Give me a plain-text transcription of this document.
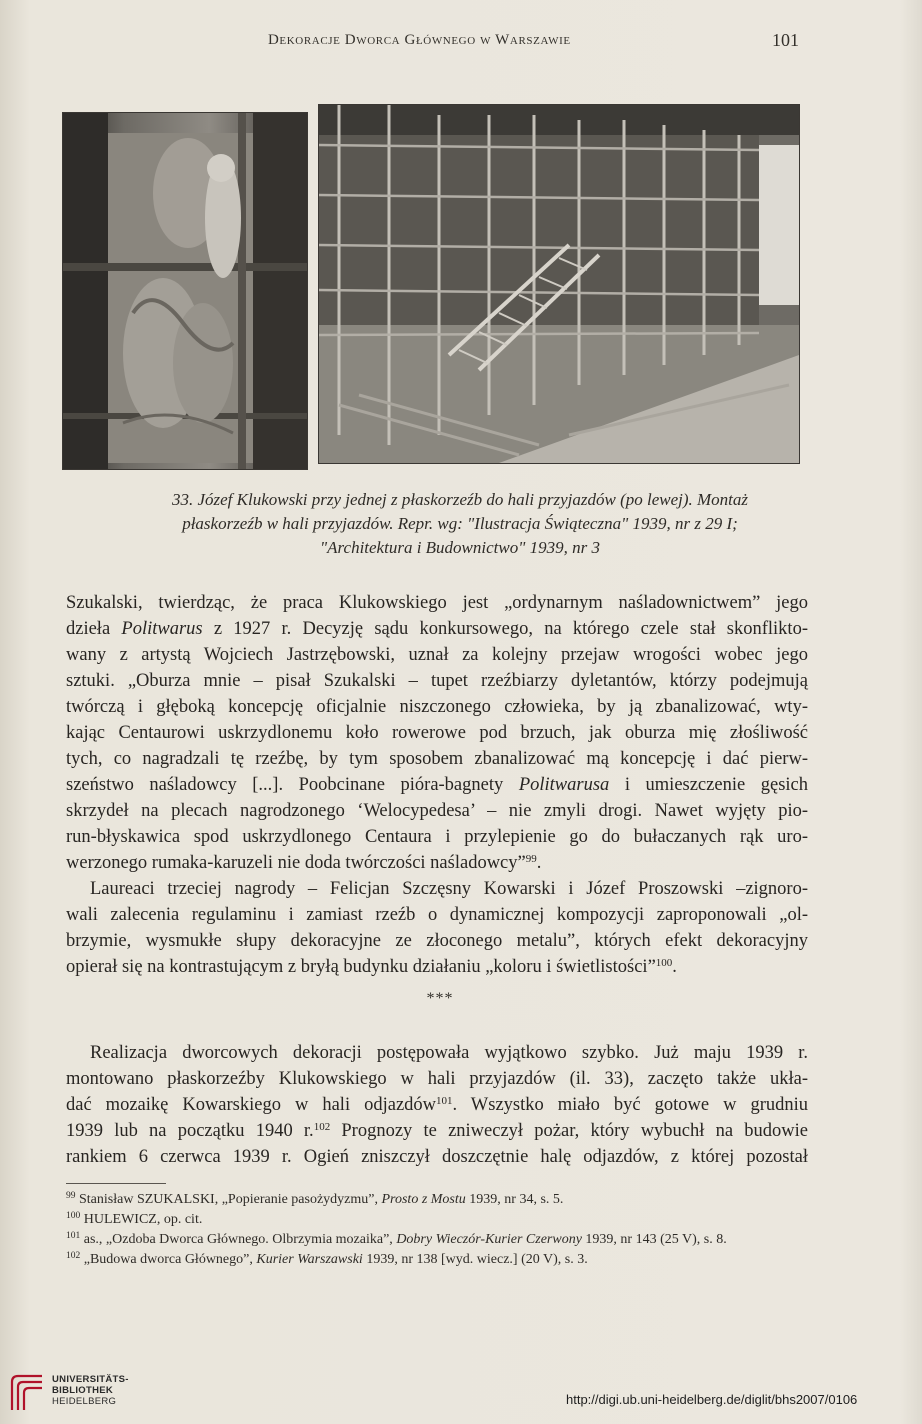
Dekoracje Dworca Głównego w Warszawie	101
33. Józef Klukowski przy jednej z płaskorzeźb do hali przyjazdów (po lewej). Montaż
płaskorzeźb w hali przyjazdów. Repr. wg: "Ilustracja Świąteczna" 1939, nr z 29 I;
"Architektura i Budownictwo" 1939, nr 3
Szukalski, twierdząc, że praca Klukowskiego jest „ordynarnym naśladownictwem” jego
dzieła Politwarus z 1927 r. Decyzję sądu konkursowego, na którego czele stał skonflikto-
wany z artystą Wojciech Jastrzębowski, uznał za kolejny przejaw wrogości wobec jego
sztuki. „Oburza mnie – pisał Szukalski – tupet rzeźbiarzy dyletantów, którzy podejmują
twórczą i głęboką koncepcję oficjalnie niszczonego człowieka, by ją zbanalizować, wty-
kając Centaurowi uskrzydlonemu koło rowerowe pod brzuch, jak oburza mię złośliwość
tych, co nagradzali tę rzeźbę, by tym sposobem zbanalizować mą koncepcję i dać pierw-
szeństwo naśladowcy [...]. Poobcinane pióra-bagnety Politwarusa i umieszczenie gęsich
skrzydeł na plecach nagrodzonego ‘Welocypedesa’ – nie zmyli drogi. Nawet wyjęty pio-
run-błyskawica spod uskrzydlonego Centaura i przylepienie go do bułaczanych rąk uro-
werzonego rumaka-karuzeli nie doda twórczości naśladowcy”$^{99}$.
Laureaci trzeciej nagrody – Felicjan Szczęsny Kowarski i Józef Proszowski –zignoro-
wali zalecenia regulaminu i zamiast rzeźb o dynamicznej kompozycji zaproponowali „ol-
brzymie, wysmukłe słupy dekoracyjne ze złoconego metalu”, których efekt dekoracyjny
opierał się na kontrastującym z bryłą budynku działaniu „koloru i świetlistości”$^{100}$.
***
Realizacja dworcowych dekoracji postępowała wyjątkowo szybko. Już maju 1939 r.
montowano płaskorzeźby Klukowskiego w hali przyjazdów (il. 33), zaczęto także ukła-
dać mozaikę Kowarskiego w hali odjazdów$^{101}$. Wszystko miało być gotowe w grudniu
1939 lub na początku 1940 r.$^{102}$ Prognozy te zniweczył pożar, który wybuchł na budowie
rankiem 6 czerwca 1939 r. Ogień zniszczył doszczętnie halę odjazdów, z której pozostał
$^{99}$ Stanisław SZUKALSKI, „Popieranie pasożydyzmu”, Prosto z Mostu 1939, nr 34, s. 5.
$^{100}$ HULEWICZ, op. cit.
$^{101}$ as., „Ozdoba Dworca Głównego. Olbrzymia mozaika”, Dobry Wieczór-Kurier Czerwony 1939, nr 143 (25 V), s. 8.
$^{102}$ „Budowa dworca Głównego”, Kurier Warszawski 1939, nr 138 [wyd. wiecz.] (20 V), s. 3.
UNIVERSITÄTS-
BIBLIOTHEK
HEIDELBERG	http://digi.ub.uni-heidelberg.de/diglit/bhs2007/0106
